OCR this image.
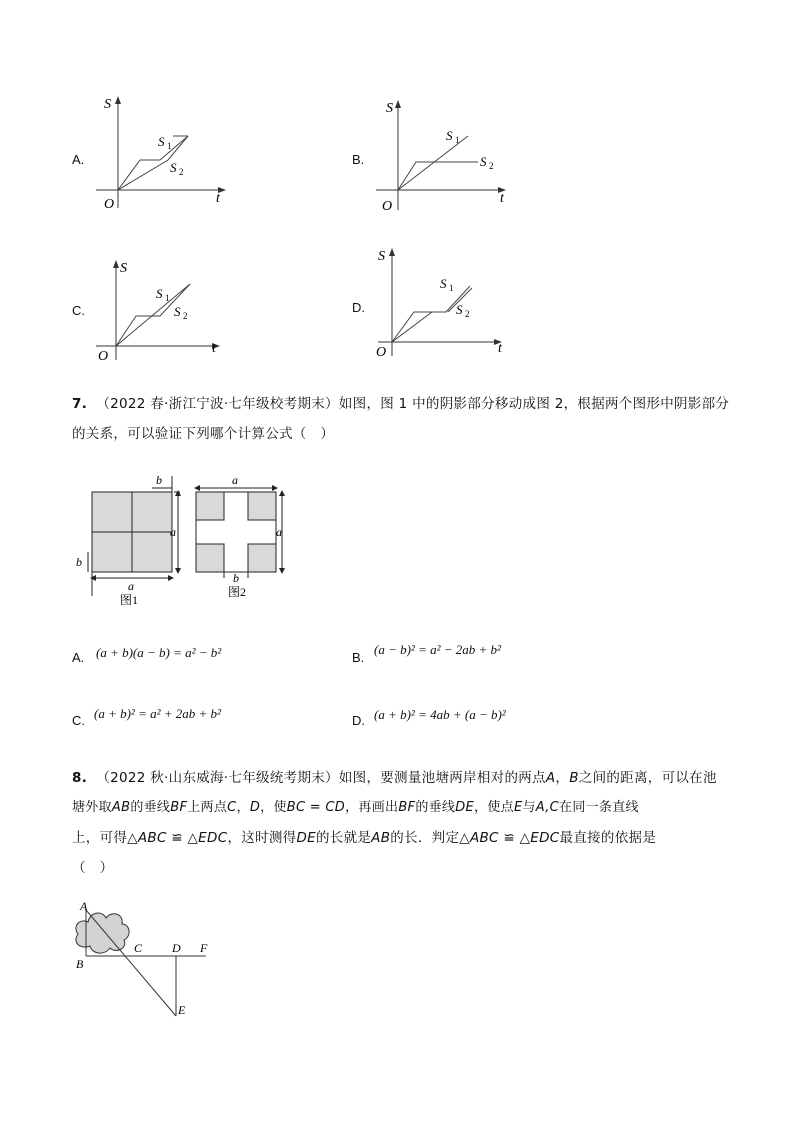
A.
S
O	t
S 1
S 2
B.
S
O
t
S 1
S 2
C.
S
O
t
S 1
S 2
D.
S
O	t
S 1
S 2
7. （2022 春·浙江宁波·七年级校考期末）如图，图 1 中的阴影部分移动成图 2，根据两个图形中阴影部分
的关系，可以验证下列哪个计算公式（　）
b
a
b
a
图1
a
a
b
图2
A. (a + b)(a − b) = a² − b²	B.
(a − b)² = a² − 2ab + b²
C. (a + b)² = a² + 2ab + b²	D. (a + b)² = 4ab + (a − b)²
8. （2022 秋·山东威海·七年级统考期末）如图，要测量池塘两岸相对的两点A，B之间的距离，可以在池
塘外取AB的垂线BF上两点C，D，使BC = CD，再画出BF的垂线DE，使点E与A,C在同一条直线
上，可得△ABC ≌ △EDC，这时测得DE的长就是AB的长．判定△ABC ≌ △EDC最直接的依据是
（　）
A
B
C D F
E
